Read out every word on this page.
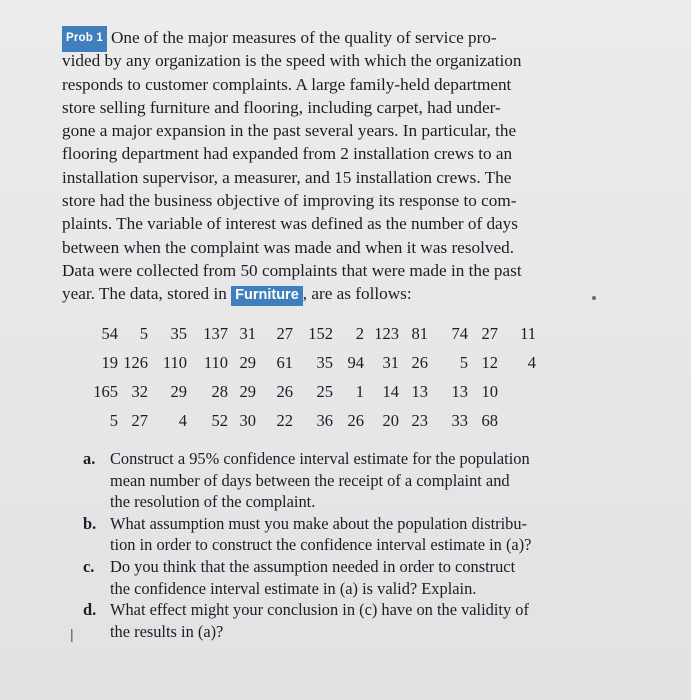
Prob 1 One of the major measures of the quality of service pro-
vided by any organization is the speed with which the organization
responds to customer complaints. A large family-held department
store selling furniture and flooring, including carpet, had under-
gone a major expansion in the past several years. In particular, the
flooring department had expanded from 2 installation crews to an
installation supervisor, a measurer, and 15 installation crews. The
store had the business objective of improving its response to com-
plaints. The variable of interest was defined as the number of days
between when the complaint was made and when it was resolved.
Data were collected from 50 complaints that were made in the past
year. The data, stored in Furniture , are as follows:
54 5 35 137 31 27 152 2 123 81 74 27 11
19 126 110 110 29 61 35 94 31 26 5 12 4
165 32 29 28 29 26 25 1 14 13 13 10
5 27 4 52 30 22 36 26 20 23 33 68
a. Construct a 95% confidence interval estimate for the population
mean number of days between the receipt of a complaint and
the resolution of the complaint.
b. What assumption must you make about the population distribu-
tion in order to construct the confidence interval estimate in (a)?
c. Do you think that the assumption needed in order to construct
the confidence interval estimate in (a) is valid? Explain.
d. What effect might your conclusion in (c) have on the validity of
the results in (a)?
|
